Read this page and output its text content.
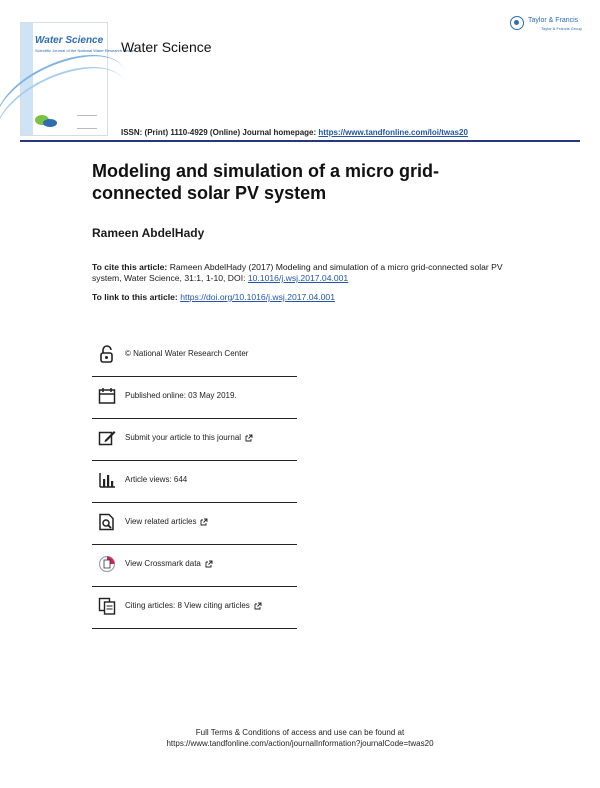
Water Science
Scientific Journal of the National Water Research Center
Water Science
Taylor & Francis
Taylor & Francis Group
ISSN: (Print) 1110-4929 (Online) Journal homepage: https://www.tandfonline.com/loi/twas20
Modeling and simulation of a micro grid-connected solar PV system
Rameen AbdelHady
To cite this article: Rameen AbdelHady (2017) Modeling and simulation of a micro grid-connected solar PV system, Water Science, 31:1, 1-10, DOI: 10.1016/j.wsj.2017.04.001
To link to this article: https://doi.org/10.1016/j.wsj.2017.04.001
© National Water Research Center
Published online: 03 May 2019.
Submit your article to this journal
Article views: 644
View related articles
View Crossmark data
Citing articles: 8 View citing articles
Full Terms & Conditions of access and use can be found at
https://www.tandfonline.com/action/journalInformation?journalCode=twas20
